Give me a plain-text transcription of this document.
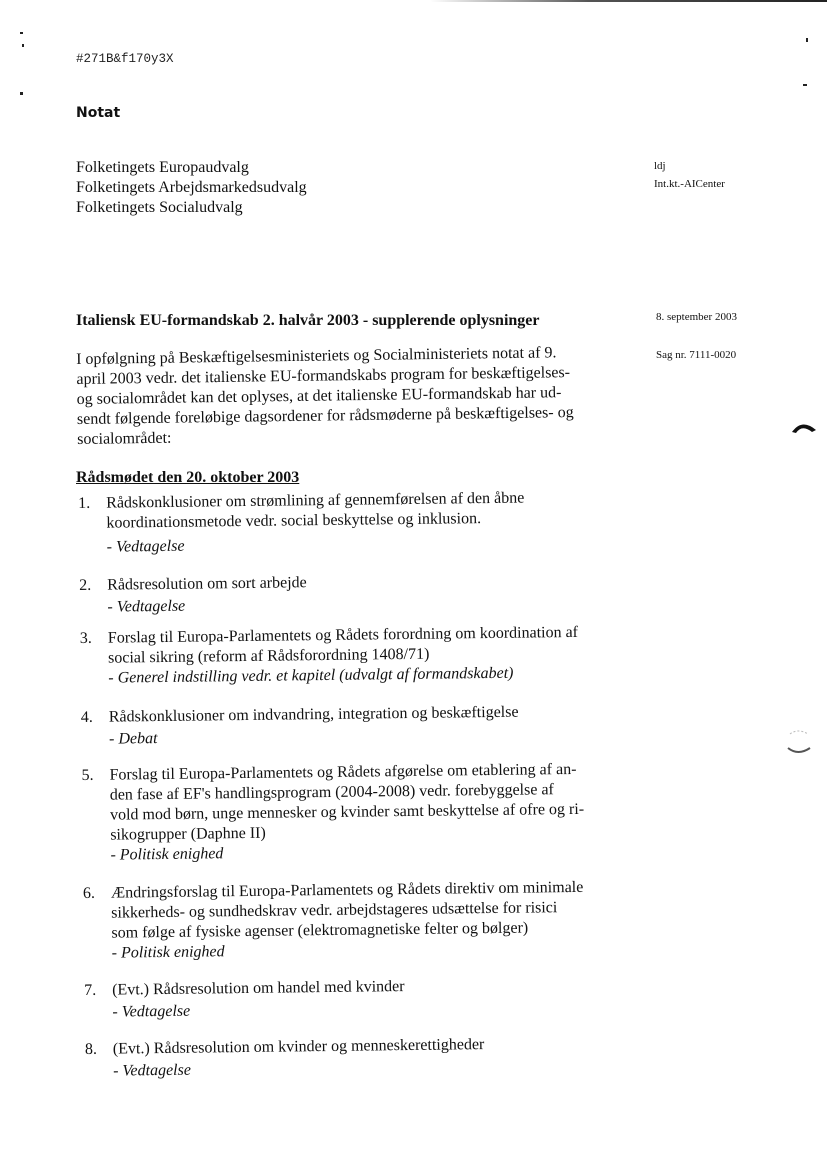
#271B&f170y3X
Notat
Folketingets Europaudvalg
Folketingets Arbejdsmarkedsudvalg
Folketingets Socialudvalg
ldj
Int.kt.-AICenter
8. september 2003
Sag nr. 7111-0020
Italiensk EU-formandskab 2. halvår 2003 - supplerende oplysninger
I opfølgning på Beskæftigelsesministeriets og Socialministeriets notat af 9.
april 2003 vedr. det italienske EU-formandskabs program for beskæftigelses-
og socialområdet kan det oplyses, at det italienske EU-formandskab har ud-
sendt følgende foreløbige dagsordener for rådsmøderne på beskæftigelses- og
socialområdet:
Rådsmødet den 20. oktober 2003
1. Rådskonklusioner om strømlining af gennemførelsen af den åbne
koordinationsmetode vedr. social beskyttelse og inklusion.
- Vedtagelse
2. Rådsresolution om sort arbejde
- Vedtagelse
3. Forslag til Europa-Parlamentets og Rådets forordning om koordination af
social sikring (reform af Rådsforordning 1408/71)
- Generel indstilling vedr. et kapitel (udvalgt af formandskabet)
4. Rådskonklusioner om indvandring, integration og beskæftigelse
- Debat
5. Forslag til Europa-Parlamentets og Rådets afgørelse om etablering af an-
den fase af EF's handlingsprogram (2004-2008) vedr. forebyggelse af
vold mod børn, unge mennesker og kvinder samt beskyttelse af ofre og ri-
sikogrupper (Daphne II)
- Politisk enighed
6. Ændringsforslag til Europa-Parlamentets og Rådets direktiv om minimale
sikkerheds- og sundhedskrav vedr. arbejdstageres udsættelse for risici
som følge af fysiske agenser (elektromagnetiske felter og bølger)
- Politisk enighed
7. (Evt.) Rådsresolution om handel med kvinder
- Vedtagelse
8. (Evt.) Rådsresolution om kvinder og menneskerettigheder
- Vedtagelse
